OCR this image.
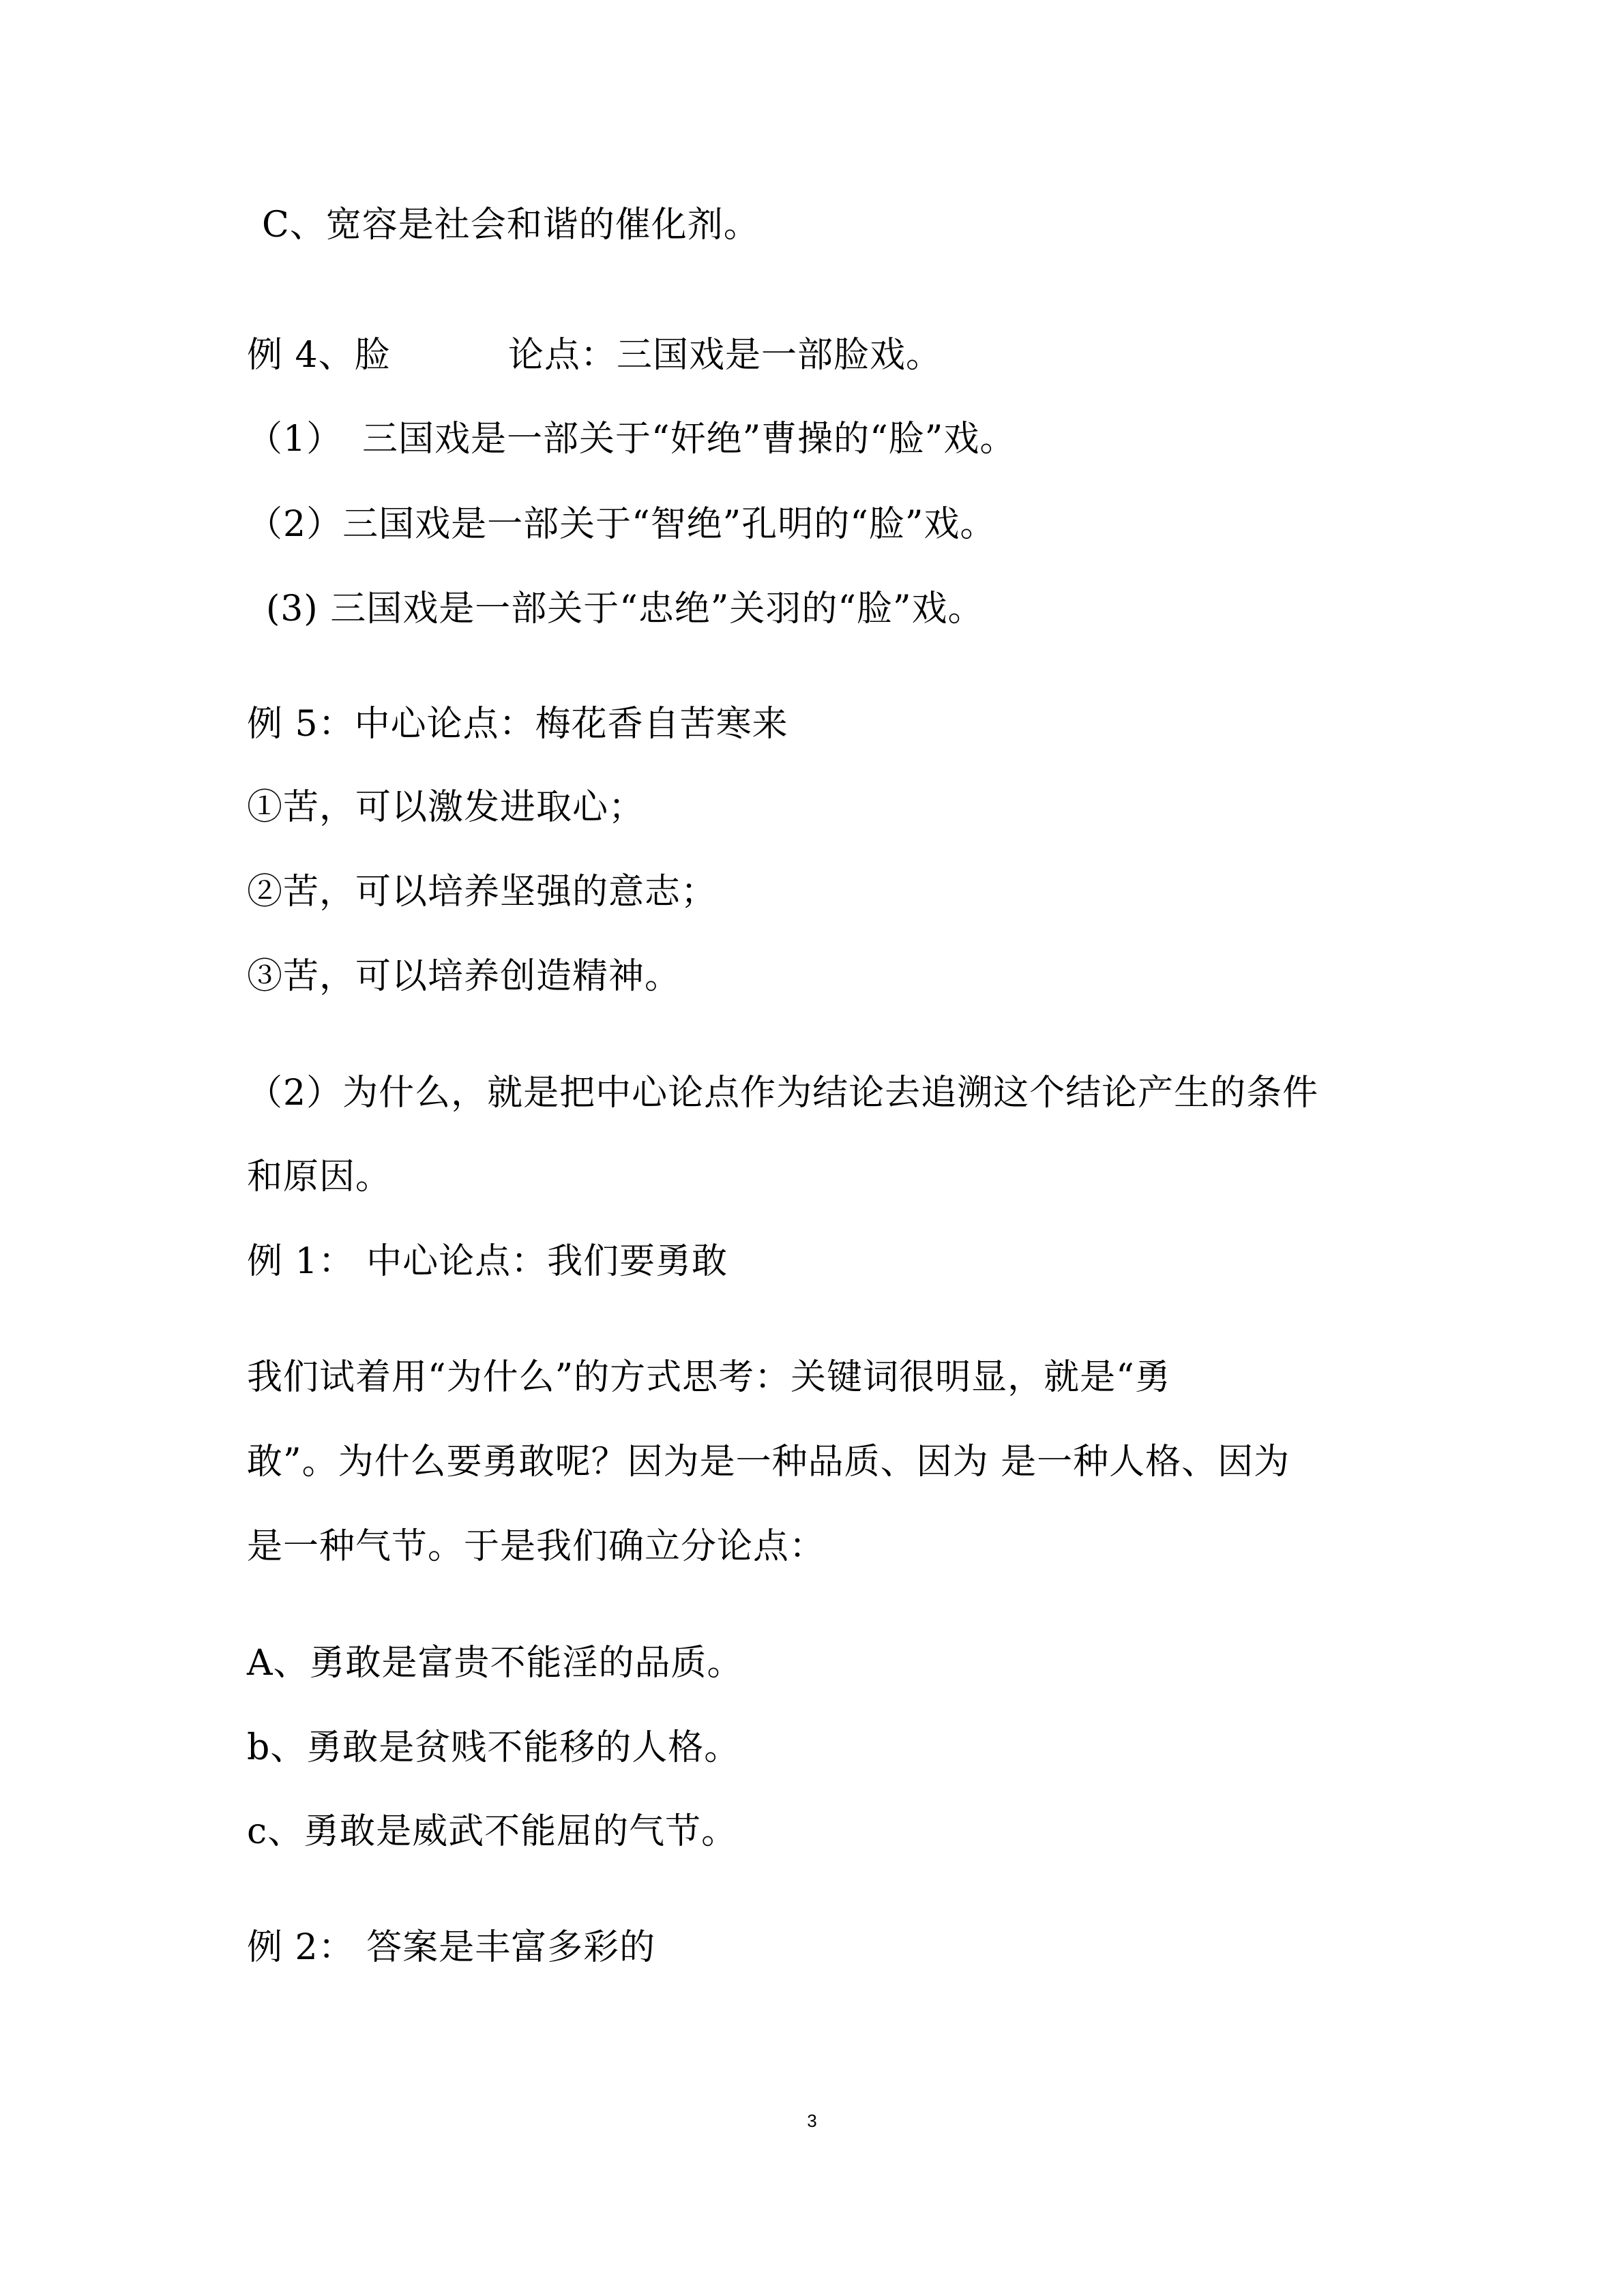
C、宽容是社会和谐的催化剂。
例 4、脸	论点：三国戏是一部脸戏。
（1） 三国戏是一部关于“奸绝”曹操的“脸”戏。
（2）三国戏是一部关于“智绝”孔明的“脸”戏。
(3) 三国戏是一部关于“忠绝”关羽的“脸”戏。
例 5：中心论点：梅花香自苦寒来
①苦，可以激发进取心；
②苦，可以培养坚强的意志；
③苦，可以培养创造精神。
（2）为什么，就是把中心论点作为结论去追溯这个结论产生的条件
和原因。
例 1： 中心论点：我们要勇敢
我们试着用“为什么”的方式思考：关键词很明显，就是“勇
敢”。为什么要勇敢呢？因为是一种品质、因为 是一种人格、因为
是一种气节。于是我们确立分论点：
A、勇敢是富贵不能淫的品质。
b、勇敢是贫贱不能移的人格。
c、勇敢是威武不能屈的气节。
例 2： 答案是丰富多彩的
3
